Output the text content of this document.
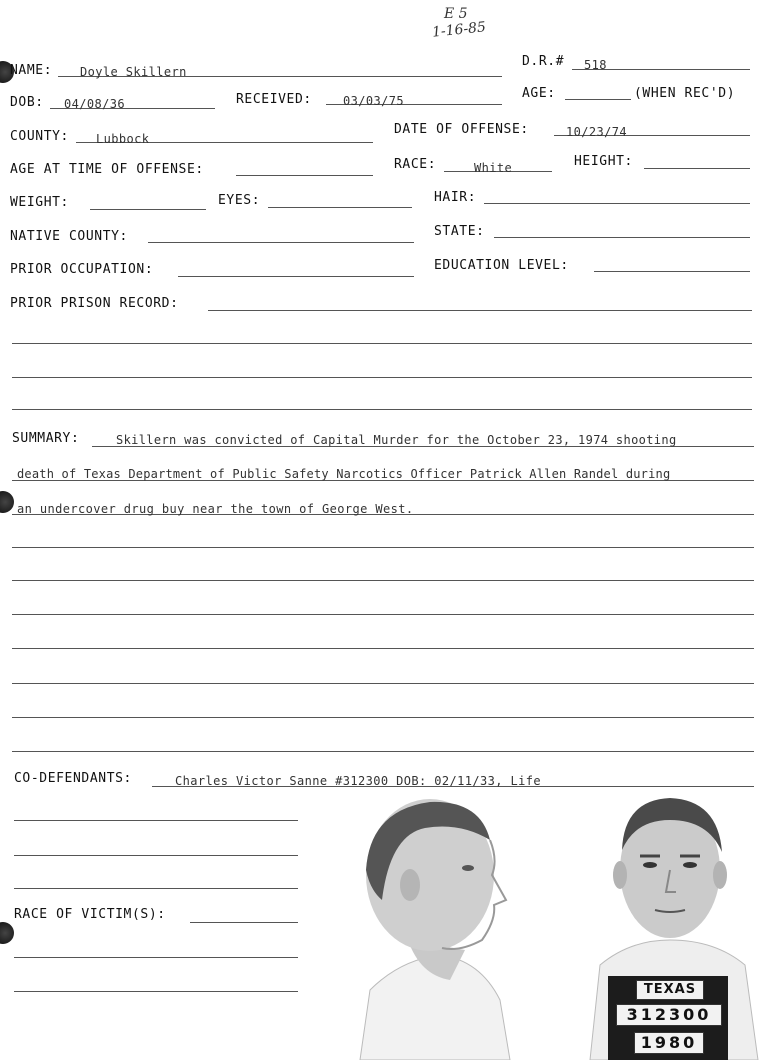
E 5
1-16-85
NAME: Doyle Skillern
D.R.# 518
DOB: 04/08/36	RECEIVED:	03/03/75	AGE:	(WHEN REC'D)
COUNTY: Lubbock
DATE OF OFFENSE:	10/23/74
AGE AT TIME OF OFFENSE:	RACE:	White	HEIGHT:
WEIGHT:	EYES:	HAIR:
NATIVE COUNTY:	STATE:
PRIOR OCCUPATION:	EDUCATION LEVEL:
PRIOR PRISON RECORD:
SUMMARY:	Skillern was convicted of Capital Murder for the October 23, 1974 shooting
death of Texas Department of Public Safety Narcotics Officer Patrick Allen Randel during
an undercover drug buy near the town of George West.
CO-DEFENDANTS:	Charles Victor Sanne #312300 DOB: 02/11/33, Life
RACE OF VICTIM(S):
TEXAS
312300
1980
